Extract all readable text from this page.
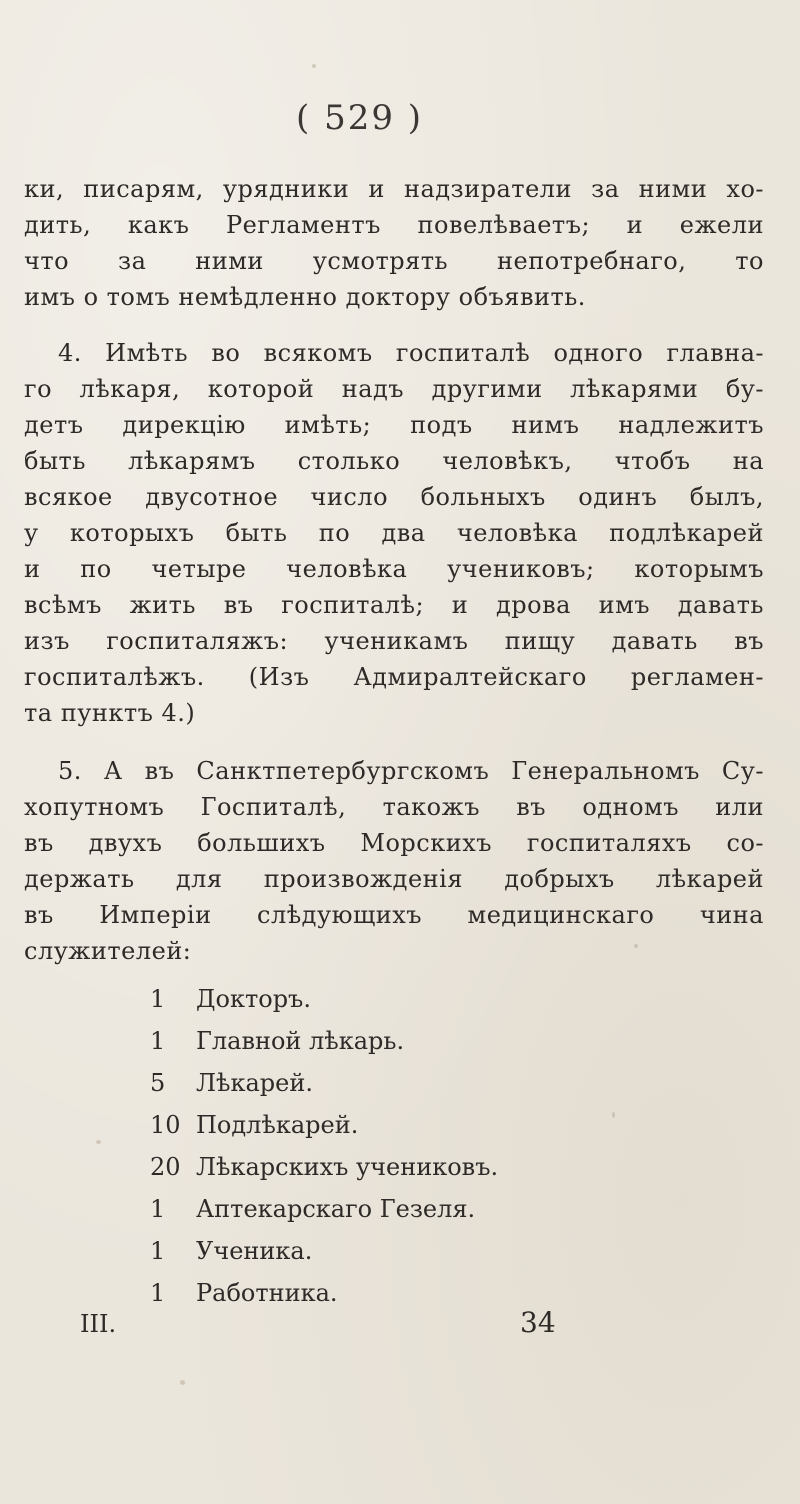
( 529 )
ки, писарям, урядники и надзиратели за ними хо-
дить, какъ Регламентъ повелѣваетъ; и ежели
что за ними усмотрять непотребнаго, то
имъ о томъ немѣдленно доктору объявить.
4. Имѣть во всякомъ госпиталѣ одного главна-
го лѣкаря, которой надъ другими лѣкарями бу-
детъ дирекцію имѣть; подъ нимъ надлежитъ
быть лѣкарямъ столько человѣкъ, чтобъ на
всякое двусотное число больныхъ одинъ былъ,
у которыхъ быть по два человѣка подлѣкарей
и по четыре человѣка учениковъ; которымъ
всѣмъ жить въ госпиталѣ; и дрова имъ давать
изъ госпиталяжъ: ученикамъ пищу давать въ
госпиталѣжъ. (Изъ Адмиралтейскаго регламен-
та пунктъ 4.)
5. А въ Санктпетербургскомъ Генеральномъ Су-
хопутномъ Госпиталѣ, такожъ въ одномъ или
въ двухъ большихъ Морскихъ госпиталяхъ со-
держать для произвожденія добрыхъ лѣкарей
въ Имперіи слѣдующихъ медицинскаго чина
служителей:
1 Докторъ.
1 Главной лѣкарь.
5 Лѣкарей.
10 Подлѣкарей.
20 Лѣкарскихъ учениковъ.
1 Аптекарскаго Гезеля.
1 Ученика.
1 Работника.
III.	34
